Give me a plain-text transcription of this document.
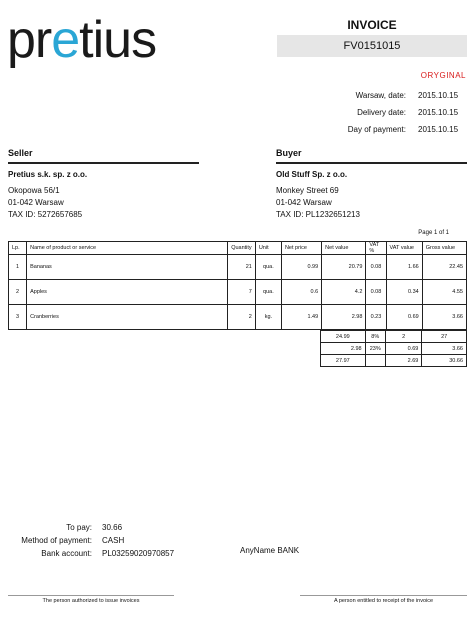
pretius	INVOICE
FV0151015
ORYGINAL
Warsaw, date:	2015.10.15
Delivery date:	2015.10.15
Day of payment:	2015.10.15
Seller
Pretius s.k. sp. z o.o.
Okopowa 56/1
01-042 Warsaw
TAX ID: 5272657685
Buyer
Old Stuff Sp. z o.o.
Monkey Street 69
01-042 Warsaw
TAX ID: PL1232651213
Page 1 of 1
Lp.	Name of product or service	Quantity	Unit	Net price	Net value	VAT %	VAT value	Gross value
1	Bananas	21	qua.	0.99	20.79	0.08	1.66	22.45
2	Apples	7	qua.	0.6	4.2	0.08	0.34	4.55
3	Cranberries	2	kg.	1.49	2.98	0.23	0.69	3.66
24.99	8%	2	27
2.98	23%	0.69	3.66
27.97		2.69	30.66
To pay:	30.66
Method of payment:	CASH
Bank account:	PL03259020970857	AnyName BANK
The person authorized to issue invoices	A person entitled to receipt of the invoice
